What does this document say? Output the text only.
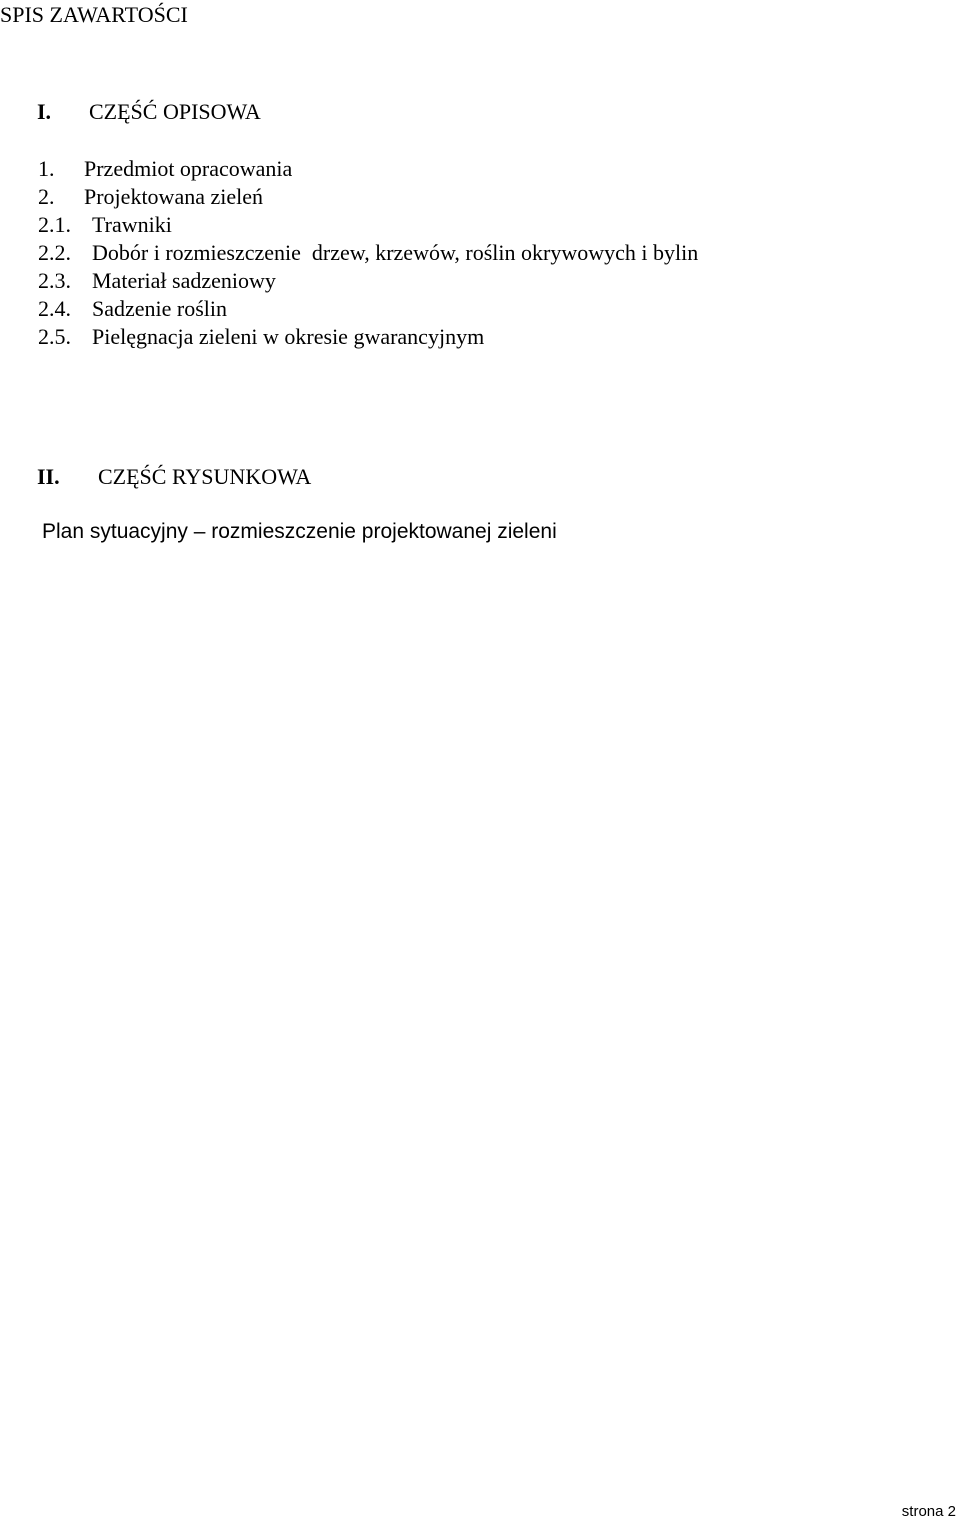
SPIS ZAWARTOŚCI
I. CZĘŚĆ OPISOWA
1. Przedmiot opracowania
2. Projektowana zieleń
2.1. Trawniki
2.2. Dobór i rozmieszczenie  drzew, krzewów, roślin okrywowych i bylin
2.3. Materiał sadzeniowy
2.4. Sadzenie roślin
2.5. Pielęgnacja zieleni w okresie gwarancyjnym
II. CZĘŚĆ RYSUNKOWA
Plan sytuacyjny – rozmieszczenie projektowanej zieleni
strona 2
